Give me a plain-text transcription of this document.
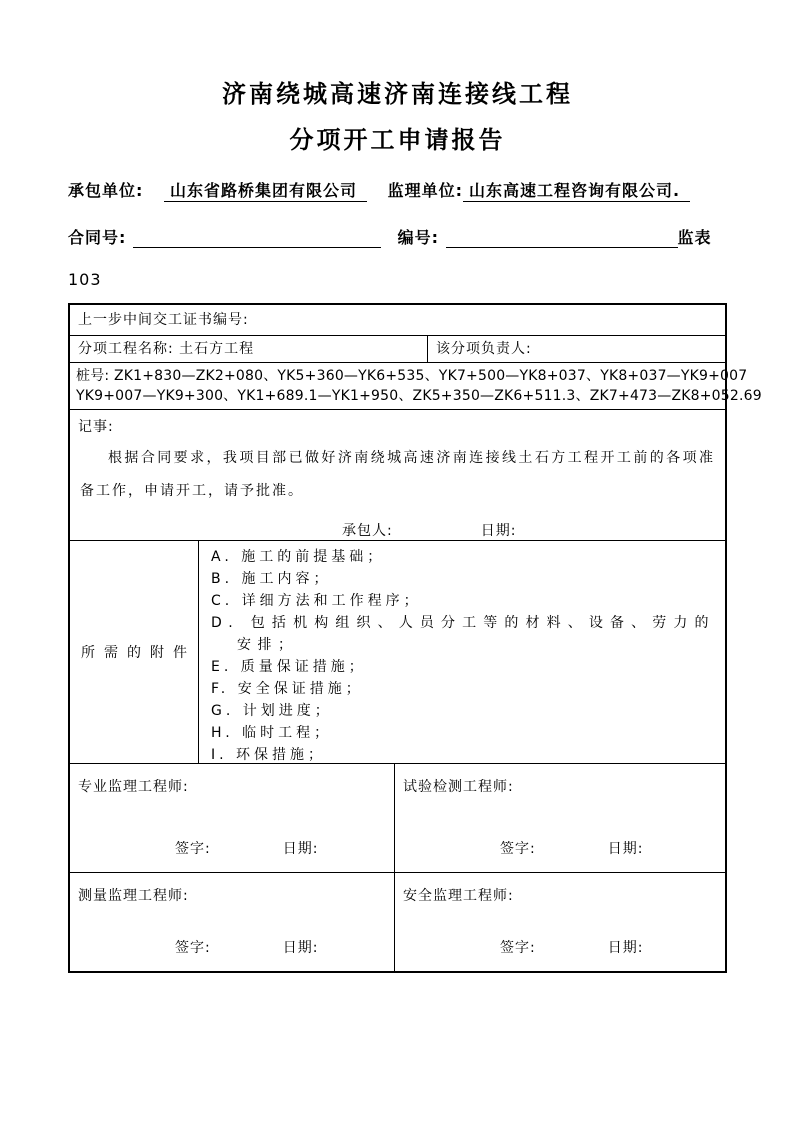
济南绕城高速济南连接线工程
分项开工申请报告
承包单位: 山东省路桥集团有限公司 监理单位: 山东高速工程咨询有限公司.
合同号:	编号:	监表
103
上一步中间交工证书编号:
分项工程名称: 土石方工程	该分项负责人:
桩号: ZK1+830—ZK2+080、YK5+360—YK6+535、YK7+500—YK8+037、YK8+037—YK9+007
YK9+007—YK9+300、YK1+689.1—YK1+950、ZK5+350—ZK6+511.3、ZK7+473—ZK8+052.69
记事:

根据合同要求，我项目部已做好济南绕城高速济南连接线土石方工程开工前的各项准备工作，申请开工，请予批准。

承包人:	日期:
所需的附件
A. 施工的前提基础；
B. 施工内容；
C. 详细方法和工作程序；
D. 包括机构组织、人员分工等的材料、设备、劳力的安排；
E. 质量保证措施；
F. 安全保证措施；
G. 计划进度；
H. 临时工程；
I. 环保措施；
专业监理工程师:
签字:	日期:
试验检测工程师:
签字:	日期:
测量监理工程师:
签字:	日期:
安全监理工程师:
签字:	日期:
